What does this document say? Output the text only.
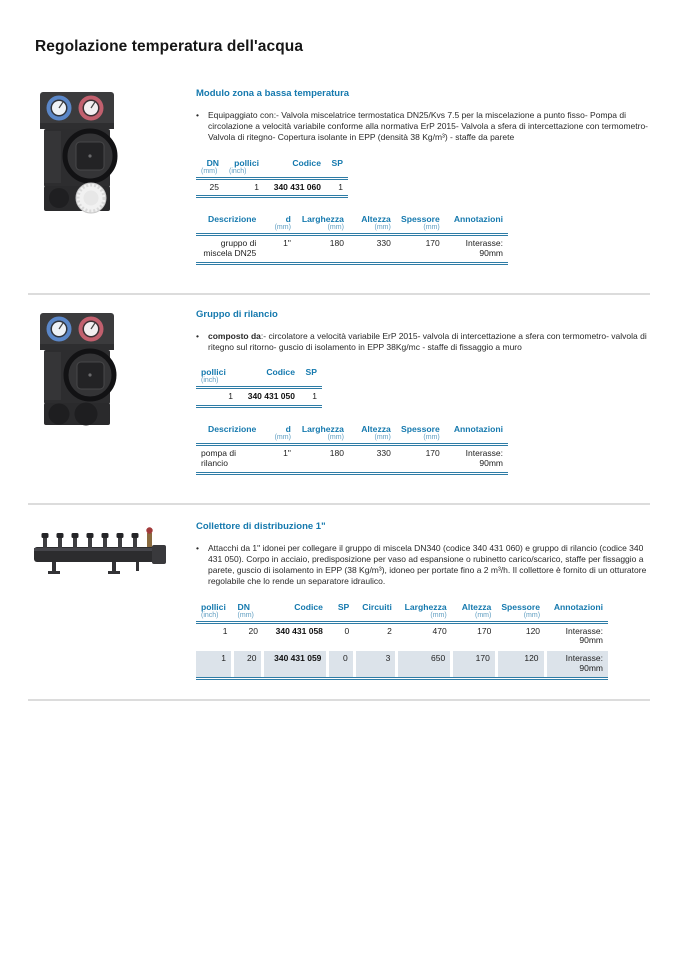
Regolazione temperatura dell'acqua
Modulo zona a bassa temperatura
•	Equipaggiato con:- Valvola miscelatrice termostatica DN25/Kvs 7.5 per la miscelazione a punto fisso- Pompa di circolazione a velocità variabile conforme alla normativa ErP 2015- Valvola a sfera di intercettazione con termometro- Valvola di ritegno- Copertura isolante in EPP (densità 38 Kg/m³) - staffe da parete
DN	pollici	Codice	SP
(mm)	(inch)		
25	1	340 431 060	1
Descrizione	d	Larghezza	Altezza	Spessore	Annotazioni
	(mm)	(mm)	(mm)	(mm)	
gruppo di miscela DN25	1"	180	330	170	Interasse: 90mm
Gruppo di rilancio
•	composto da:- circolatore a velocità variabile ErP 2015- valvola di intercettazione a sfera con termometro- valvola di ritegno sul ritorno- guscio di isolamento in EPP 38Kg/mc - staffe di fissaggio a muro
pollici	Codice	SP
(inch)		
1	340 431 050	1
Descrizione	d	Larghezza	Altezza	Spessore	Annotazioni
	(mm)	(mm)	(mm)	(mm)	
pompa di rilancio	1"	180	330	170	Interasse: 90mm
Collettore di distribuzione 1"
•	Attacchi da 1" idonei per collegare il gruppo di miscela DN340 (codice 340 431 060) e gruppo di rilancio (codice 340 431 050). Corpo in acciaio, predisposizione per vaso ad espansione o rubinetto carico/scarico, staffe per fissaggio a parete, guscio di isolamento in EPP (38 Kg/m³), idoneo per portate fino a 2 m³/h. Il collettore è fornito di un otturatore regolabile che lo rende un separatore idraulico.
pollici	DN	Codice	SP	Circuiti	Larghezza	Altezza	Spessore	Annotazioni
(inch)	(mm)				(mm)	(mm)	(mm)	
1	20	340 431 058	0	2	470	170	120	Interasse: 90mm
1	20	340 431 059	0	3	650	170	120	Interasse: 90mm
